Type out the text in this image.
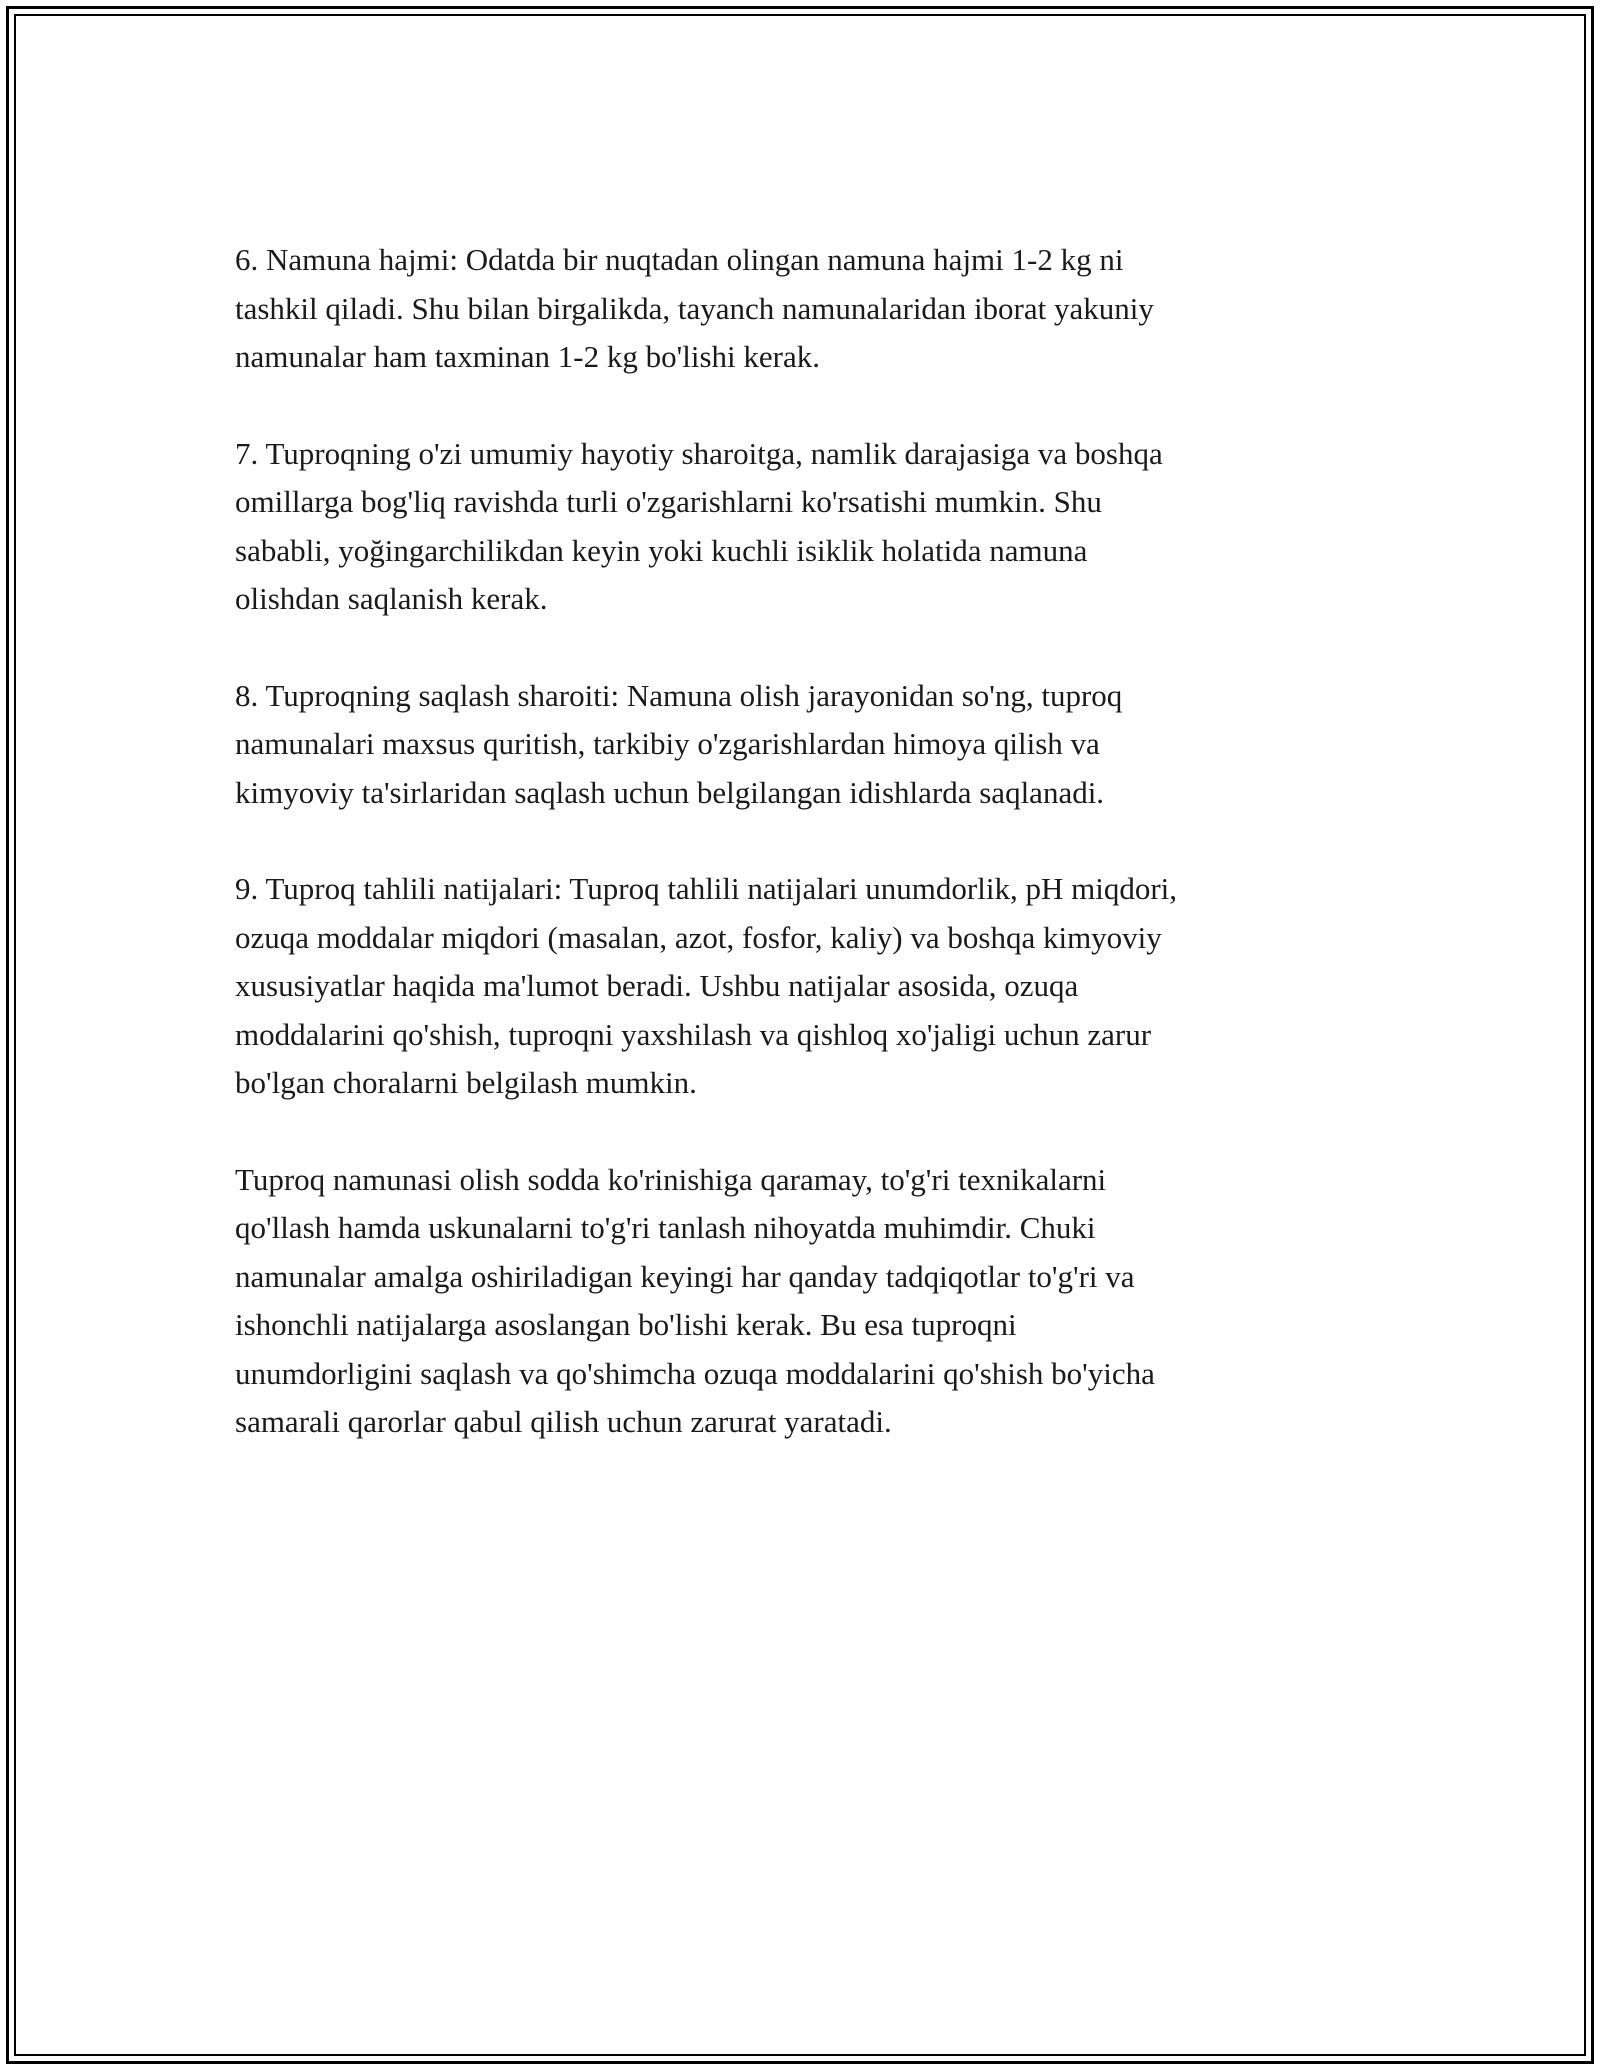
6. Namuna hajmi: Odatda bir nuqtadan olingan namuna hajmi 1-2 kg ni
tashkil qiladi. Shu bilan birgalikda, tayanch namunalaridan iborat yakuniy
namunalar ham taxminan 1-2 kg bo'lishi kerak.

7. Tuproqning o'zi umumiy hayotiy sharoitga, namlik darajasiga va boshqa
omillarga bog'liq ravishda turli o'zgarishlarni ko'rsatishi mumkin. Shu
sababli, yoğingarchilikdan keyin yoki kuchli isiklik holatida namuna
olishdan saqlanish kerak.

8. Tuproqning saqlash sharoiti: Namuna olish jarayonidan so'ng, tuproq
namunalari maxsus quritish, tarkibiy o'zgarishlardan himoya qilish va
kimyoviy ta'sirlaridan saqlash uchun belgilangan idishlarda saqlanadi.

9. Tuproq tahlili natijalari: Tuproq tahlili natijalari unumdorlik, pH miqdori,
ozuqa moddalar miqdori (masalan, azot, fosfor, kaliy) va boshqa kimyoviy
xususiyatlar haqida ma'lumot beradi. Ushbu natijalar asosida, ozuqa
moddalarini qo'shish, tuproqni yaxshilash va qishloq xo'jaligi uchun zarur
bo'lgan choralarni belgilash mumkin.

Tuproq namunasi olish sodda ko'rinishiga qaramay, to'g'ri texnikalarni
qo'llash hamda uskunalarni to'g'ri tanlash nihoyatda muhimdir. Chuki
namunalar amalga oshiriladigan keyingi har qanday tadqiqotlar to'g'ri va
ishonchli natijalarga asoslangan bo'lishi kerak. Bu esa tuproqni
unumdorligini saqlash va qo'shimcha ozuqa moddalarini qo'shish bo'yicha
samarali qarorlar qabul qilish uchun zarurat yaratadi.
